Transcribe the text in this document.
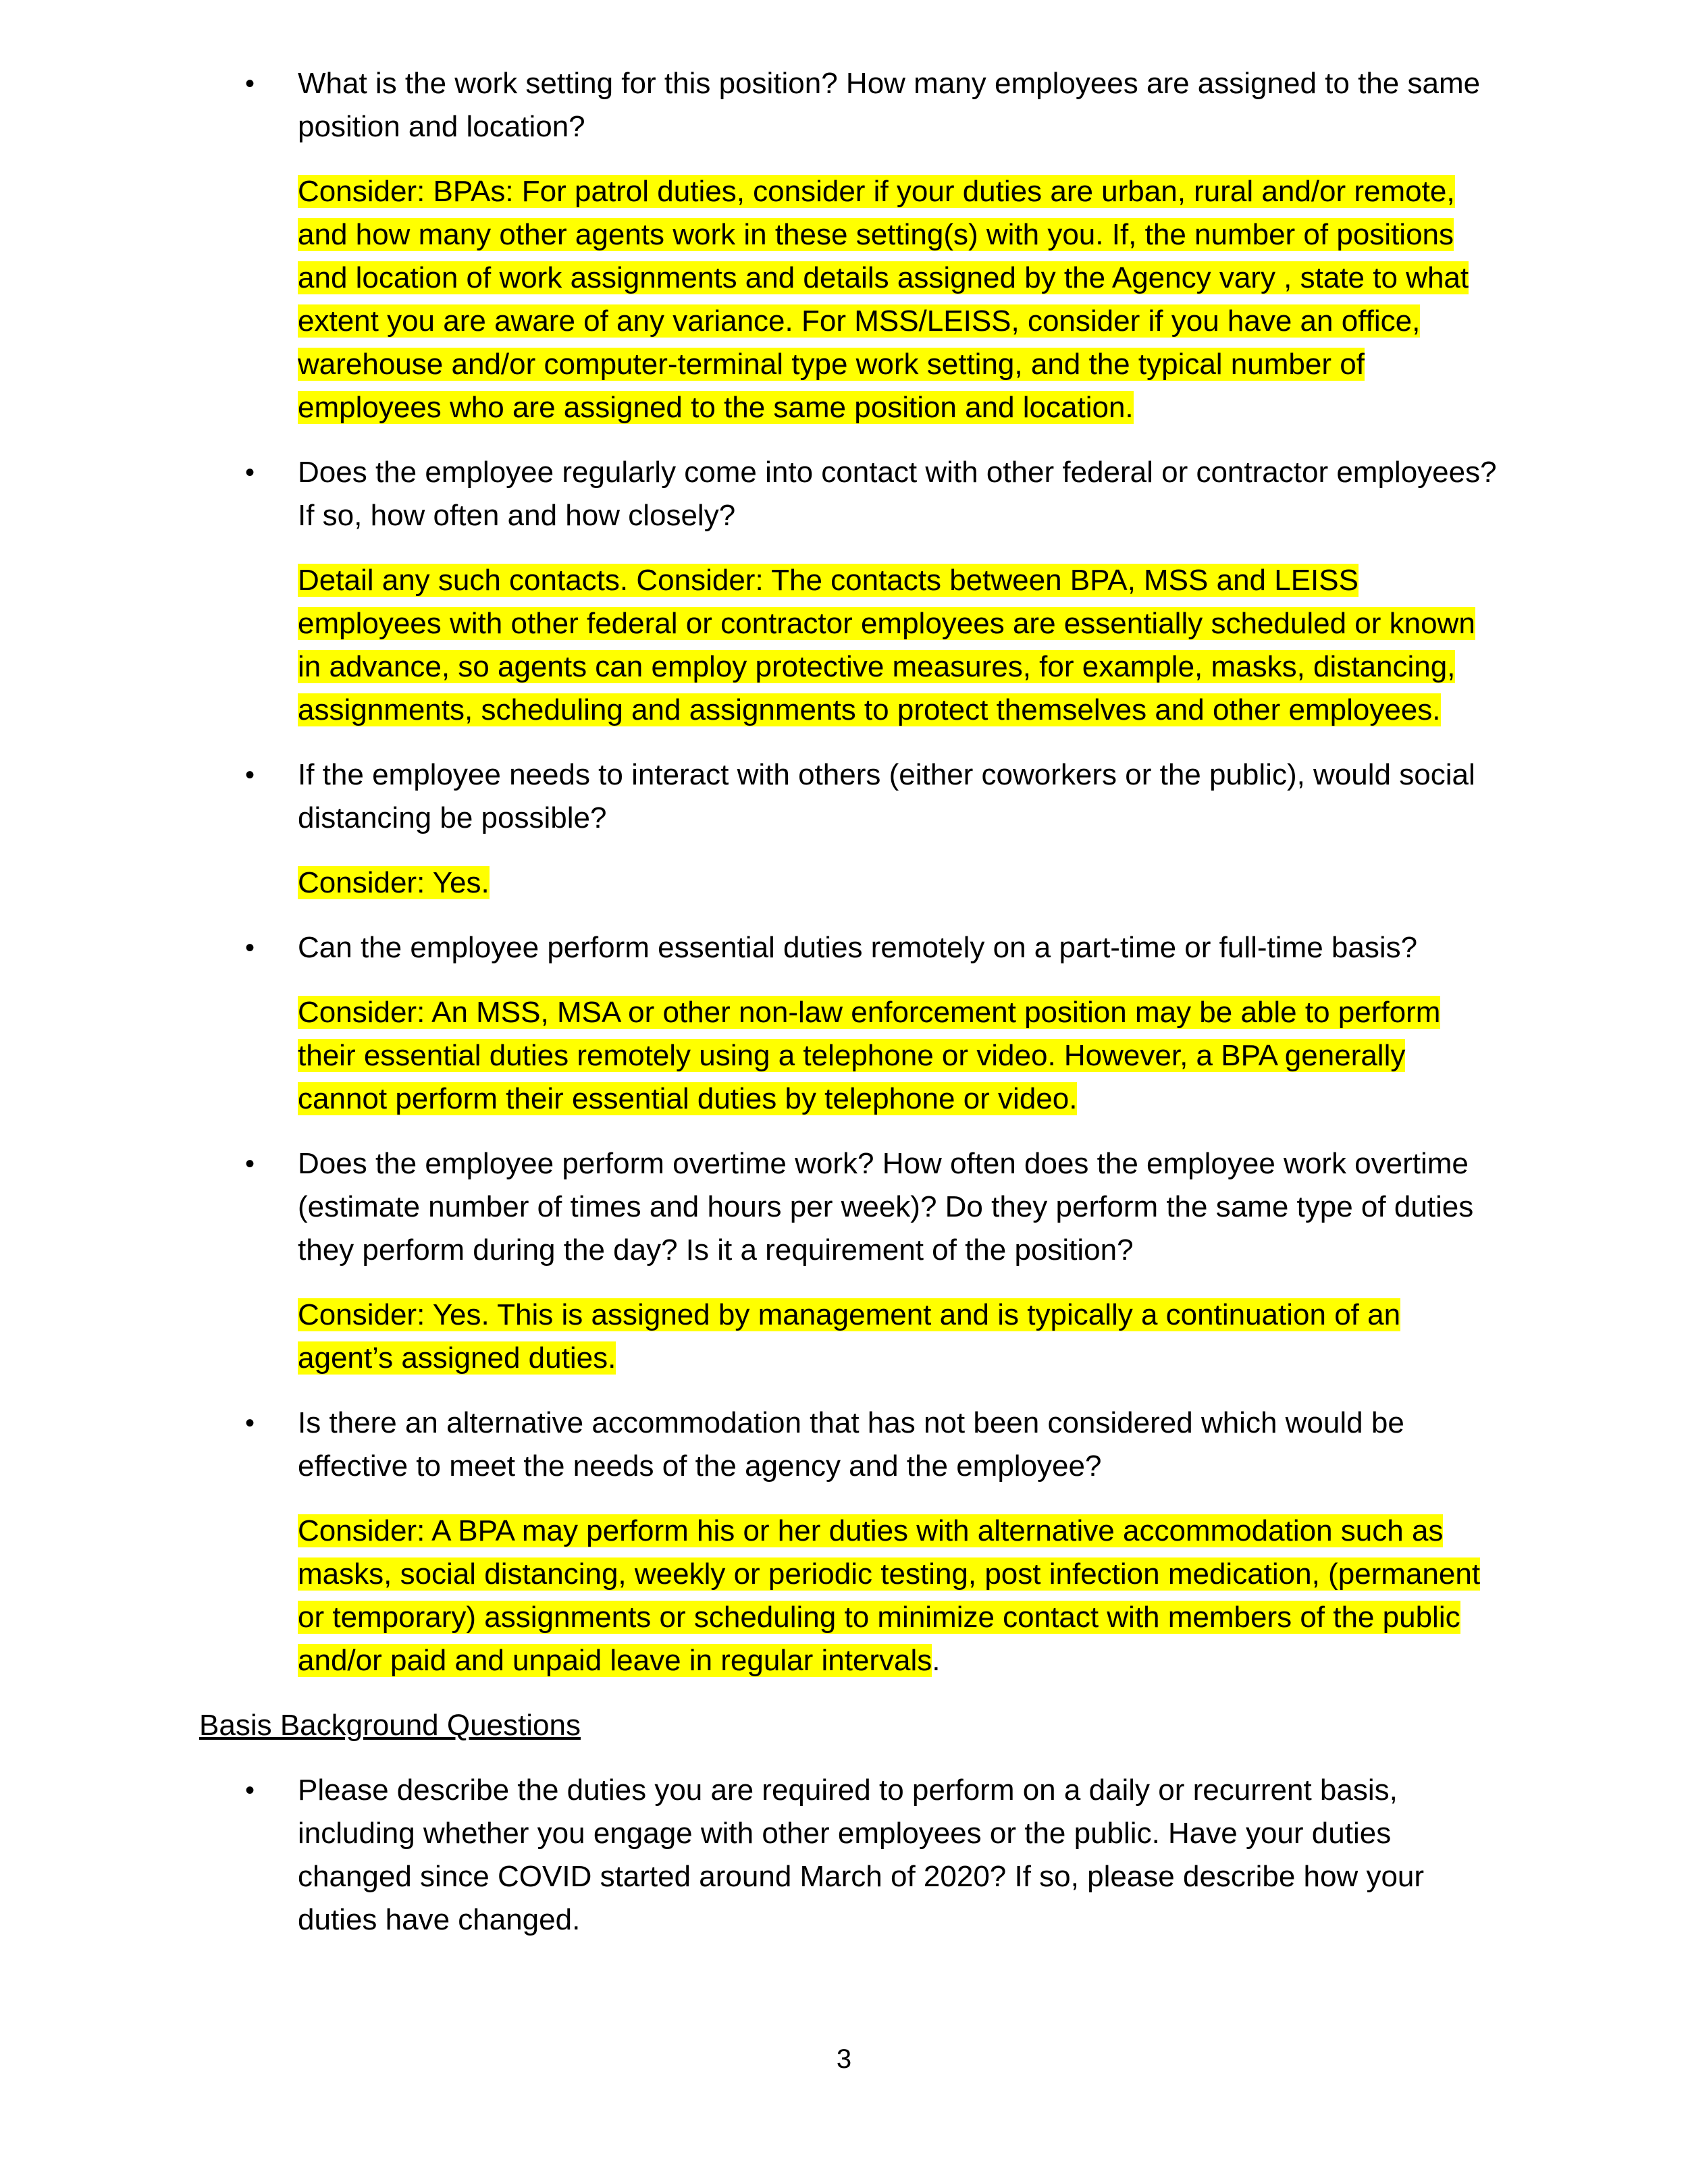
• What is the work setting for this position? How many employees are assigned to the same position and location?
Consider: BPAs: For patrol duties, consider if your duties are urban, rural and/or remote, and how many other agents work in these setting(s) with you. If, the number of positions and location of work assignments and details assigned by the Agency vary , state to what extent you are aware of any variance. For MSS/LEISS, consider if you have an office, warehouse and/or computer-terminal type work setting, and the typical number of employees who are assigned to the same position and location.
• Does the employee regularly come into contact with other federal or contractor employees? If so, how often and how closely?
Detail any such contacts. Consider: The contacts between BPA, MSS and LEISS employees with other federal or contractor employees are essentially scheduled or known in advance, so agents can employ protective measures, for example, masks, distancing, assignments, scheduling and assignments to protect themselves and other employees.
• If the employee needs to interact with others (either coworkers or the public), would social distancing be possible?
Consider: Yes.
• Can the employee perform essential duties remotely on a part-time or full-time basis?
Consider: An MSS, MSA or other non-law enforcement position may be able to perform their essential duties remotely using a telephone or video. However, a BPA generally cannot perform their essential duties by telephone or video.
• Does the employee perform overtime work? How often does the employee work overtime (estimate number of times and hours per week)? Do they perform the same type of duties they perform during the day? Is it a requirement of the position?
Consider: Yes. This is assigned by management and is typically a continuation of an agent’s assigned duties.
• Is there an alternative accommodation that has not been considered which would be effective to meet the needs of the agency and the employee?
Consider: A BPA may perform his or her duties with alternative accommodation such as masks, social distancing, weekly or periodic testing, post infection medication, (permanent or temporary) assignments or scheduling to minimize contact with members of the public and/or paid and unpaid leave in regular intervals.
Basis Background Questions
• Please describe the duties you are required to perform on a daily or recurrent basis, including whether you engage with other employees or the public. Have your duties changed since COVID started around March of 2020? If so, please describe how your duties have changed.
3
